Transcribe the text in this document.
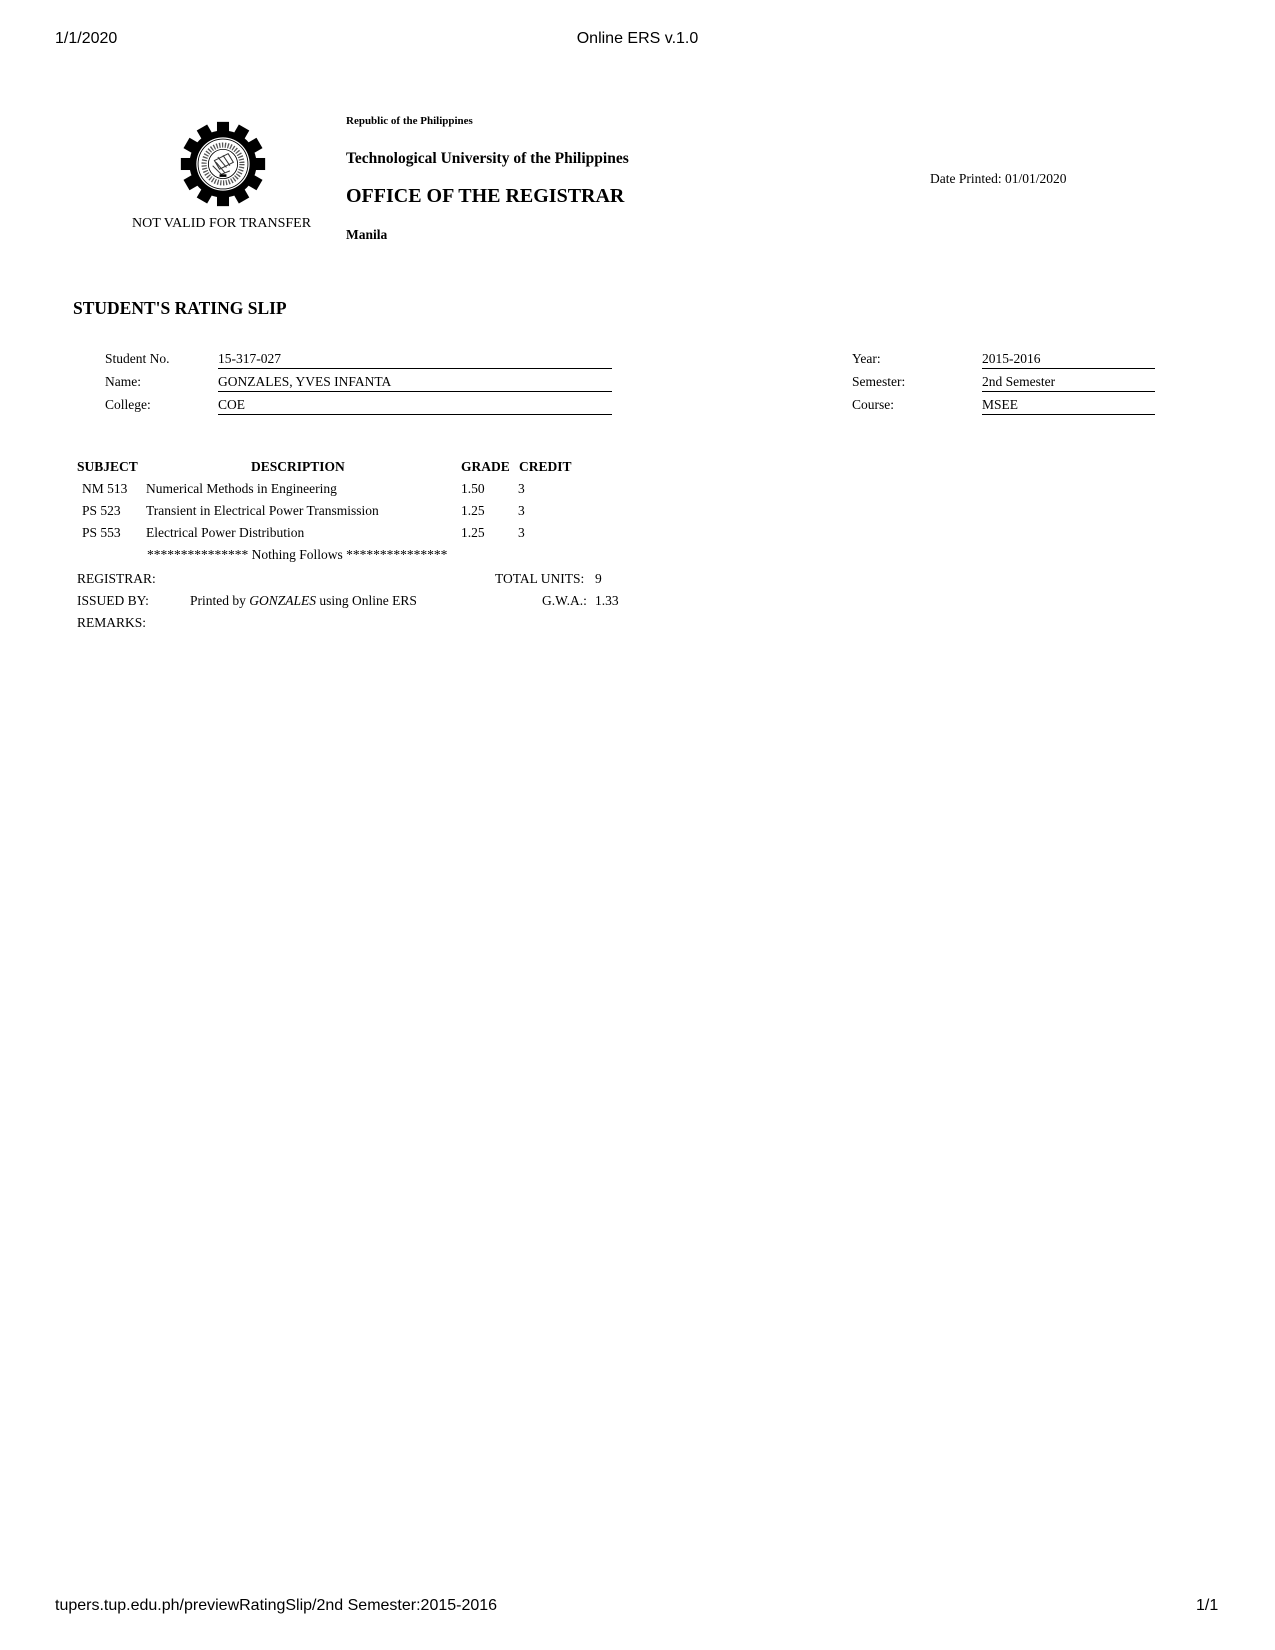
1/1/2020	Online ERS v.1.0
NOT VALID FOR TRANSFER
Republic of the Philippines
Technological University of the Philippines
OFFICE OF THE REGISTRAR
Manila
Date Printed: 01/01/2020
STUDENT'S RATING SLIP
Student No.	15-317-027
Name:	GONZALES, YVES INFANTA
College:	COE
Year:	2015-2016
Semester:	2nd Semester
Course:	MSEE
SUBJECT	DESCRIPTION	GRADE CREDIT
NM 513 Numerical Methods in Engineering	1.50 3
PS 523 Transient in Electrical Power Transmission	1.25 3
PS 553 Electrical Power Distribution	1.25 3
*************** Nothing Follows ***************
REGISTRAR:
ISSUED BY:	Printed by GONZALES using Online ERS
REMARKS:
TOTAL UNITS: 9
G.W.A.: 1.33
tupers.tup.edu.ph/previewRatingSlip/2nd Semester:2015-2016	1/1
